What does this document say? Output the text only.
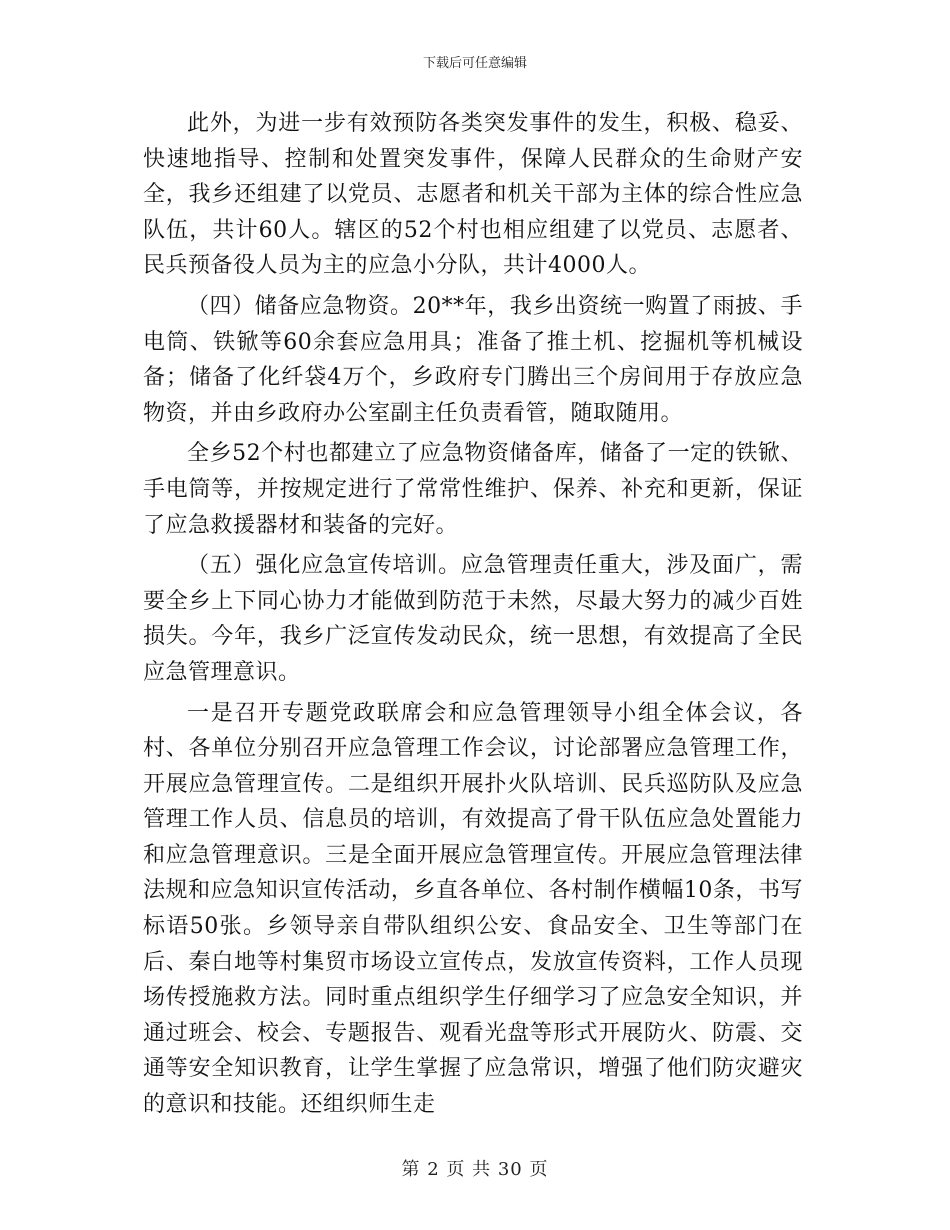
下载后可任意编辑

此外，为进一步有效预防各类突发事件的发生，积极、稳妥、快速地指导、控制和处置突发事件，保障人民群众的生命财产安全，我乡还组建了以党员、志愿者和机关干部为主体的综合性应急队伍，共计60人。辖区的52个村也相应组建了以党员、志愿者、民兵预备役人员为主的应急小分队，共计4000人。

（四）储备应急物资。20**年，我乡出资统一购置了雨披、手电筒、铁锨等60余套应急用具；准备了推土机、挖掘机等机械设备；储备了化纤袋4万个，乡政府专门腾出三个房间用于存放应急物资，并由乡政府办公室副主任负责看管，随取随用。

全乡52个村也都建立了应急物资储备库，储备了一定的铁锨、手电筒等，并按规定进行了常常性维护、保养、补充和更新，保证了应急救援器材和装备的完好。

（五）强化应急宣传培训。应急管理责任重大，涉及面广，需要全乡上下同心协力才能做到防范于未然，尽最大努力的减少百姓损失。今年，我乡广泛宣传发动民众，统一思想，有效提高了全民应急管理意识。

一是召开专题党政联席会和应急管理领导小组全体会议，各村、各单位分别召开应急管理工作会议，讨论部署应急管理工作，开展应急管理宣传。二是组织开展扑火队培训、民兵巡防队及应急管理工作人员、信息员的培训，有效提高了骨干队伍应急处置能力和应急管理意识。三是全面开展应急管理宣传。开展应急管理法律法规和应急知识宣传活动，乡直各单位、各村制作横幅10条，书写标语50张。乡领导亲自带队组织公安、食品安全、卫生等部门在后、秦白地等村集贸市场设立宣传点，发放宣传资料，工作人员现场传授施救方法。同时重点组织学生仔细学习了应急安全知识，并通过班会、校会、专题报告、观看光盘等形式开展防火、防震、交通等安全知识教育，让学生掌握了应急常识，增强了他们防灾避灾的意识和技能。还组织师生走

第 2 页 共 30 页
